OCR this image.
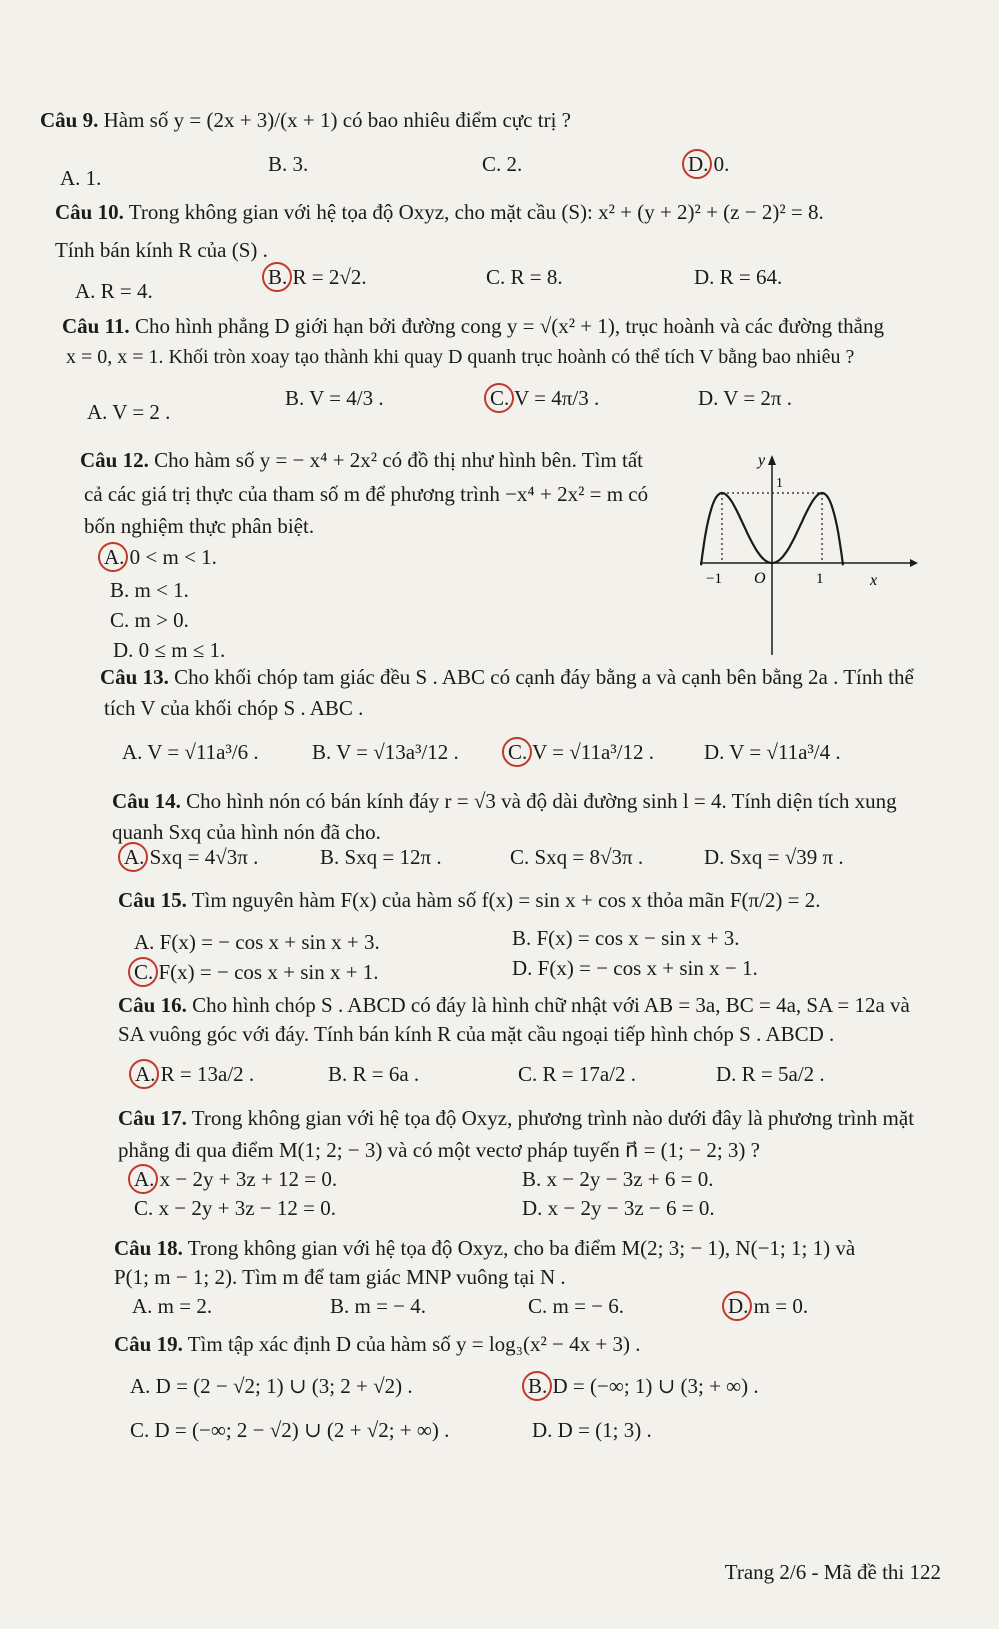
Câu 9. Hàm số y = (2x + 3)/(x + 1) có bao nhiêu điểm cực trị ?
A. 1.
B. 3.	C. 2.	D. 0.
Câu 10. Trong không gian với hệ tọa độ Oxyz, cho mặt cầu (S): x² + (y + 2)² + (z − 2)² = 8.
Tính bán kính R của (S) .
A. R = 4.
B. R = 2√2.	C. R = 8.	D. R = 64.
Câu 11. Cho hình phẳng D giới hạn bởi đường cong y = √(x² + 1), trục hoành và các đường thẳng
x = 0, x = 1. Khối tròn xoay tạo thành khi quay D quanh trục hoành có thể tích V bằng bao nhiêu ?
A. V = 2 .
B. V = 4/3 .	C. V = 4π/3 .	D. V = 2π .
Câu 12. Cho hàm số y = − x⁴ + 2x² có đồ thị như hình bên. Tìm tất
cả các giá trị thực của tham số m để phương trình −x⁴ + 2x² = m có
bốn nghiệm thực phân biệt.
A. 0 < m < 1.
B. m < 1.
C. m > 0.
D. 0 ≤ m ≤ 1.
y
x
O
−1	1
1
Câu 13. Cho khối chóp tam giác đều S . ABC có cạnh đáy bằng a và cạnh bên bằng 2a . Tính thể
tích V của khối chóp S . ABC .
A. V = √11a³/6 .	B. V = √13a³/12 . C. V = √11a³/12 . D. V = √11a³/4 .
Câu 14. Cho hình nón có bán kính đáy r = √3 và độ dài đường sinh l = 4. Tính diện tích xung
quanh Sxq của hình nón đã cho.
A. Sxq = 4√3π .	B. Sxq = 12π .	C. Sxq = 8√3π .	D. Sxq = √39 π .
Câu 15. Tìm nguyên hàm F(x) của hàm số f(x) = sin x + cos x thỏa mãn F(π/2) = 2.
A. F(x) = − cos x + sin x + 3.	B. F(x) = cos x − sin x + 3.
C. F(x) = − cos x + sin x + 1.	D. F(x) = − cos x + sin x − 1.
Câu 16. Cho hình chóp S . ABCD có đáy là hình chữ nhật với AB = 3a, BC = 4a, SA = 12a và
SA vuông góc với đáy. Tính bán kính R của mặt cầu ngoại tiếp hình chóp S . ABCD .
A. R = 13a/2 .	B. R = 6a .	C. R = 17a/2 .	D. R = 5a/2 .
Câu 17. Trong không gian với hệ tọa độ Oxyz, phương trình nào dưới đây là phương trình mặt
phẳng đi qua điểm M(1; 2; − 3) và có một vectơ pháp tuyến n⃗ = (1; − 2; 3) ?
A. x − 2y + 3z + 12 = 0.	B. x − 2y − 3z + 6 = 0.
C. x − 2y + 3z − 12 = 0.	D. x − 2y − 3z − 6 = 0.
Câu 18. Trong không gian với hệ tọa độ Oxyz, cho ba điểm M(2; 3; − 1), N(−1; 1; 1) và
P(1; m − 1; 2). Tìm m để tam giác MNP vuông tại N .
A. m = 2.	B. m = − 4.	C. m = − 6.	D. m = 0.
Câu 19. Tìm tập xác định D của hàm số y = log₃(x² − 4x + 3) .
A. D = (2 − √2; 1) ∪ (3; 2 + √2) .	B. D = (−∞; 1) ∪ (3; + ∞) .
C. D = (−∞; 2 − √2) ∪ (2 + √2; + ∞) .	D. D = (1; 3) .
Trang 2/6 - Mã đề thi 122
